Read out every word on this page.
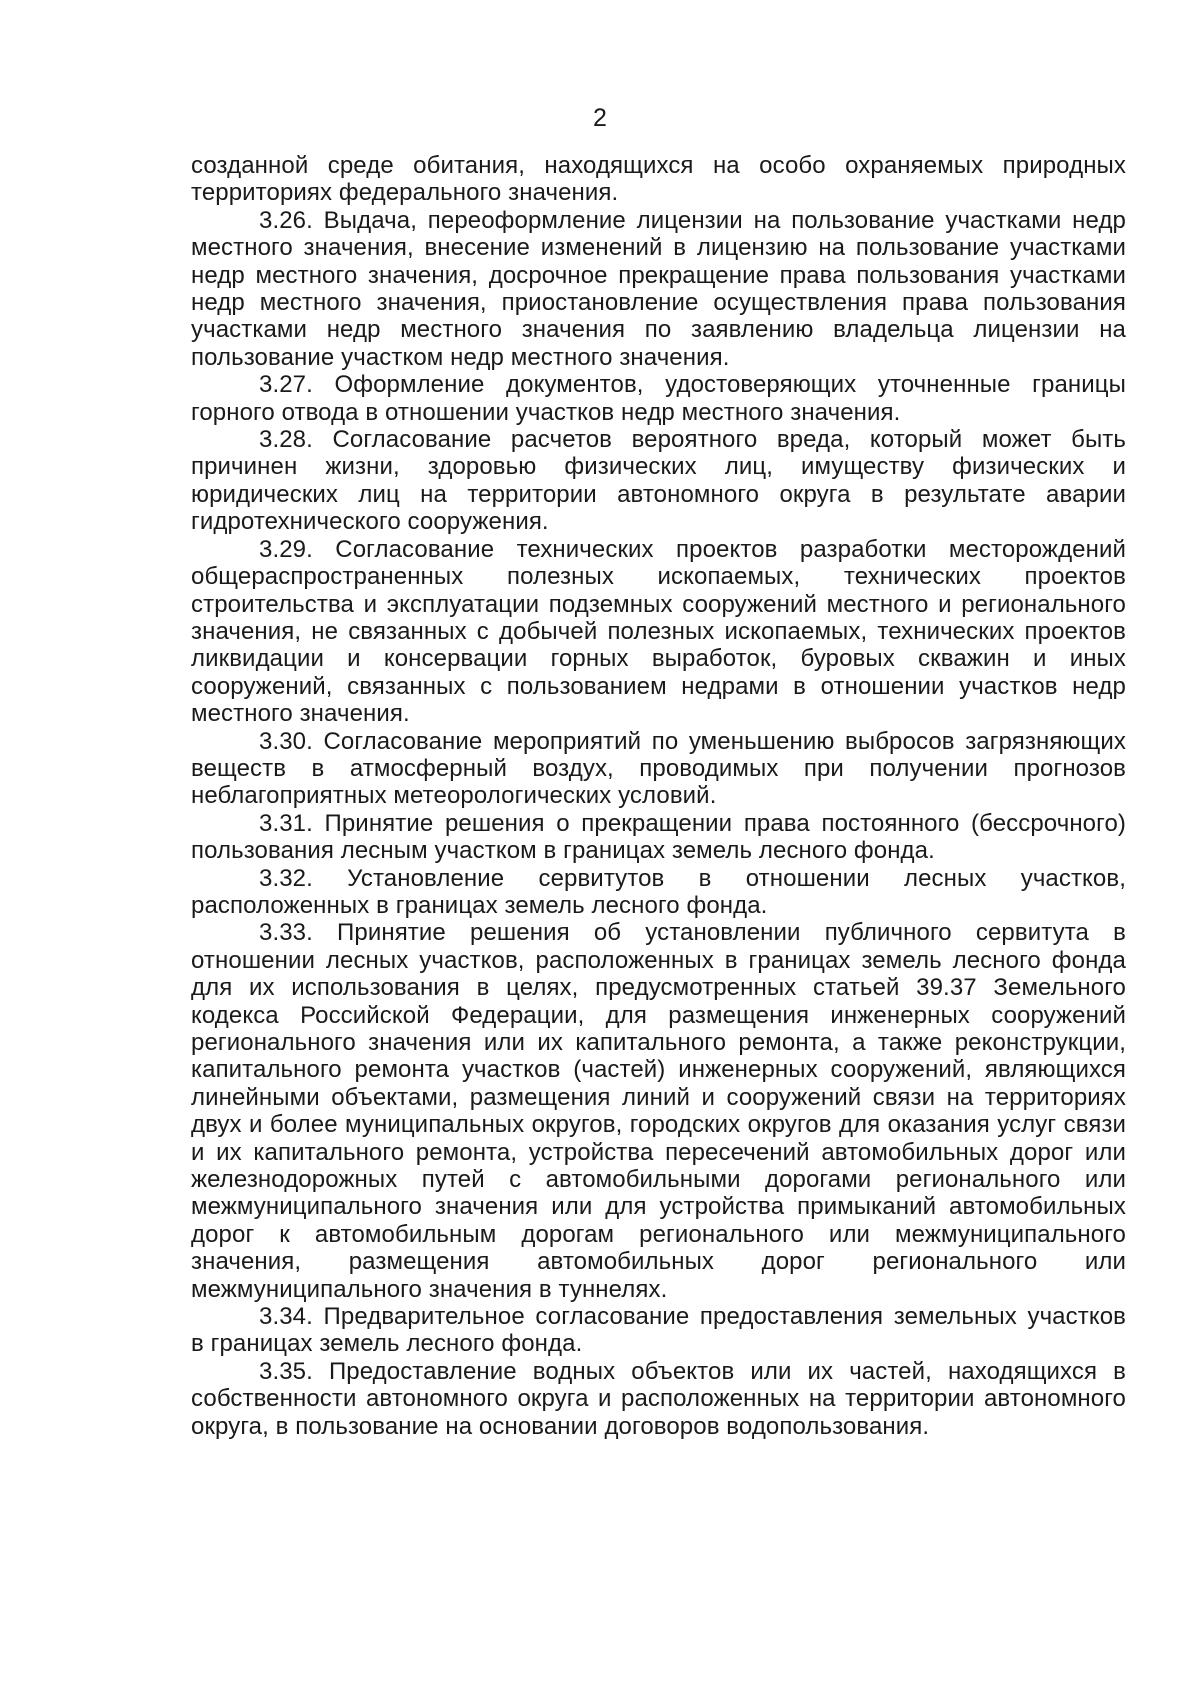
2

созданной среде обитания, находящихся на особо охраняемых природных территориях федерального значения.

3.26. Выдача, переоформление лицензии на пользование участками недр местного значения, внесение изменений в лицензию на пользование участками недр местного значения, досрочное прекращение права пользования участками недр местного значения, приостановление осуществления права пользования участками недр местного значения по заявлению владельца лицензии на пользование участком недр местного значения.

3.27. Оформление документов, удостоверяющих уточненные границы горного отвода в отношении участков недр местного значения.

3.28. Согласование расчетов вероятного вреда, который может быть причинен жизни, здоровью физических лиц, имуществу физических и юридических лиц на территории автономного округа в результате аварии гидротехнического сооружения.

3.29. Согласование технических проектов разработки месторождений общераспространенных полезных ископаемых, технических проектов строительства и эксплуатации подземных сооружений местного и регионального значения, не связанных с добычей полезных ископаемых, технических проектов ликвидации и консервации горных выработок, буровых скважин и иных сооружений, связанных с пользованием недрами в отношении участков недр местного значения.

3.30. Согласование мероприятий по уменьшению выбросов загрязняющих веществ в атмосферный воздух, проводимых при получении прогнозов неблагоприятных метеорологических условий.

3.31. Принятие решения о прекращении права постоянного (бессрочного) пользования лесным участком в границах земель лесного фонда.

3.32. Установление сервитутов в отношении лесных участков, расположенных в границах земель лесного фонда.

3.33. Принятие решения об установлении публичного сервитута в отношении лесных участков, расположенных в границах земель лесного фонда для их использования в целях, предусмотренных статьей 39.37 Земельного кодекса Российской Федерации, для размещения инженерных сооружений регионального значения или их капитального ремонта, а также реконструкции, капитального ремонта участков (частей) инженерных сооружений, являющихся линейными объектами, размещения линий и сооружений связи на территориях двух и более муниципальных округов, городских округов для оказания услуг связи и их капитального ремонта, устройства пересечений автомобильных дорог или железнодорожных путей с автомобильными дорогами регионального или межмуниципального значения или для устройства примыканий автомобильных дорог к автомобильным дорогам регионального или межмуниципального значения, размещения автомобильных дорог регионального или межмуниципального значения в туннелях.

3.34. Предварительное согласование предоставления земельных участков в границах земель лесного фонда.

3.35. Предоставление водных объектов или их частей, находящихся в собственности автономного округа и расположенных на территории автономного округа, в пользование на основании договоров водопользования.
